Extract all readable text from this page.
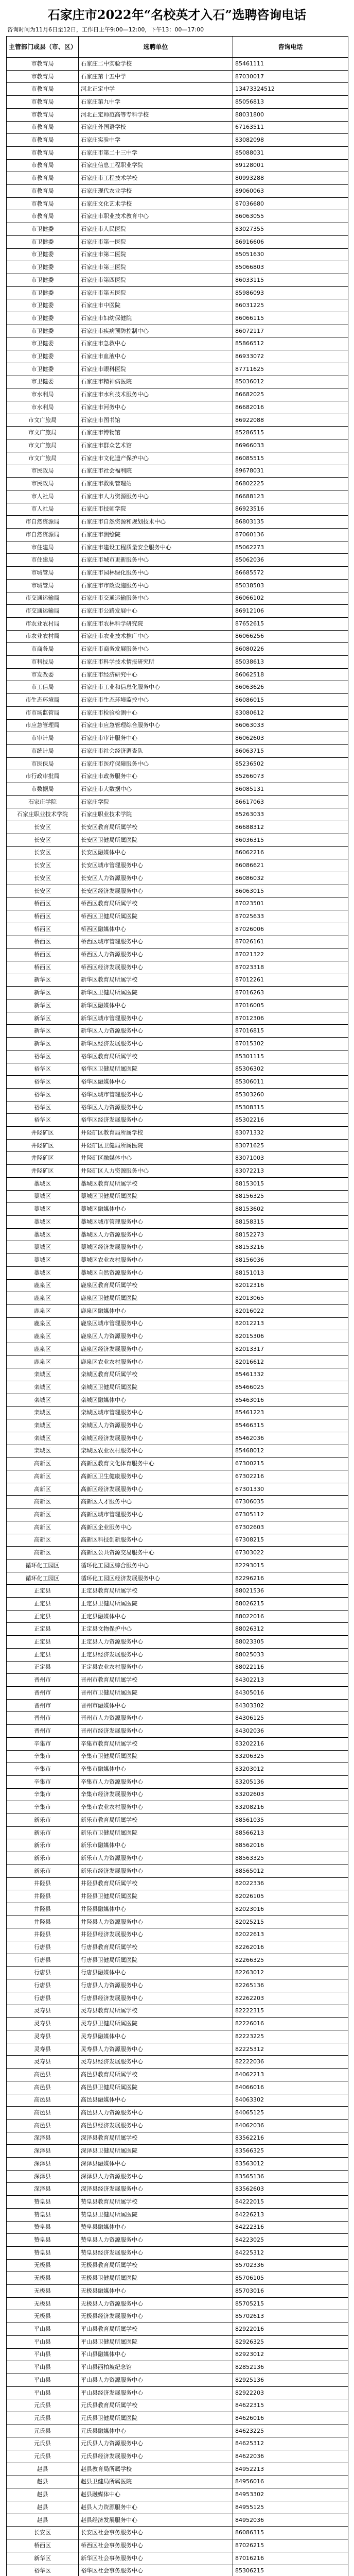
石家庄市2022年“名校英才入石”选聘咨询电话
咨询时间为11月6日至12日，工作日上午9:00—12:00，下午13：00—17:00
主管部门或县（市、区）	选聘单位	咨询电话
市教育局	石家庄二中实验学校	85461111
市教育局	石家庄第十五中学	87030017
市教育局	河北正定中学	13473324512
市教育局	石家庄第九中学	85056813
市教育局	河北正定师范高等专科学校	88031800
市教育局	石家庄外国语学校	67163511
市教育局	石家庄实验中学	83082098
市教育局	石家庄市第二十三中学	85088031
市教育局	石家庄信息工程职业学院	89128001
市教育局	石家庄市工程技术学校	80993288
市教育局	石家庄现代农业学校	89060063
市教育局	石家庄文化艺术学校	87036680
市教育局	石家庄市职业技术教育中心	86063055
市卫健委	石家庄市人民医院	83027355
市卫健委	石家庄市第一医院	86916606
市卫健委	石家庄市第二医院	85051630
市卫健委	石家庄市第三医院	85066803
市卫健委	石家庄市第四医院	86033115
市卫健委	石家庄市第五医院	85986093
市卫健委	石家庄市中医院	86031225
市卫健委	石家庄市妇幼保健院	86066115
市卫健委	石家庄市疾病预防控制中心	86072117
市卫健委	石家庄市急救中心	85866512
市卫健委	石家庄市血液中心	86933072
市卫健委	石家庄市眼科医院	87711625
市卫健委	石家庄市精神病医院	85036012
市水利局	石家庄市水利技术服务中心	86682025
市水利局	石家庄市河务中心	86682016
市文广旅局	石家庄市图书馆	86922088
市文广旅局	石家庄市博物馆	85286515
市文广旅局	石家庄市群众艺术馆	86966033
市文广旅局	石家庄市文化遗产保护中心	86085515
市民政局	石家庄市社会福利院	89678031
市民政局	石家庄市救助管理站	86802225
市人社局	石家庄市人力资源服务中心	86688123
市人社局	石家庄市技师学院	86923516
市自然资源局	石家庄市自然资源和规划技术中心	86803135
市自然资源局	石家庄市测绘院	87060136
市住建局	石家庄市建设工程质量安全服务中心	85062273
市住建局	石家庄市城市更新服务中心	85062036
市城管局	石家庄市园林绿化服务中心	86685572
市城管局	石家庄市市政设施服务中心	85038503
市交通运输局	石家庄市交通运输服务中心	86066102
市交通运输局	石家庄市公路发展中心	86912106
市农业农村局	石家庄市农林科学研究院	87652615
市农业农村局	石家庄市农业技术推广中心	86066256
市商务局	石家庄市商务发展服务中心	86080226
市科技局	石家庄市科学技术情报研究所	85038613
市发改委	石家庄市经济研究中心	86062518
市工信局	石家庄市工业和信息化服务中心	86063626
市生态环境局	石家庄市生态环境监控中心	86086015
市市场监管局	石家庄市检验检测中心	83080612
市应急管理局	石家庄市应急管理综合服务中心	86063033
市审计局	石家庄市审计服务中心	86062603
市统计局	石家庄市社会经济调查队	86063715
市医保局	石家庄市医疗保障服务中心	85236502
市行政审批局	石家庄市政务服务中心	85266073
市数据局	石家庄市大数据中心	86085131
石家庄学院	石家庄学院	86617063
石家庄职业技术学院	石家庄职业技术学院	85263033
长安区	长安区教育局所属学校	86688312
长安区	长安区卫健局所属医院	86036315
长安区	长安区融媒体中心	86062216
长安区	长安区城市管理服务中心	86086621
长安区	长安区人力资源服务中心	86086032
长安区	长安区经济发展服务中心	86063015
桥西区	桥西区教育局所属学校	87023501
桥西区	桥西区卫健局所属医院	87025633
桥西区	桥西区融媒体中心	87026006
桥西区	桥西区城市管理服务中心	87026161
桥西区	桥西区人力资源服务中心	87021322
桥西区	桥西区经济发展服务中心	87023318
新华区	新华区教育局所属学校	87012261
新华区	新华区卫健局所属医院	87016263
新华区	新华区融媒体中心	87016005
新华区	新华区城市管理服务中心	87012306
新华区	新华区人力资源服务中心	87016815
新华区	新华区经济发展服务中心	87015302
裕华区	裕华区教育局所属学校	85301115
裕华区	裕华区卫健局所属医院	85306302
裕华区	裕华区融媒体中心	85306011
裕华区	裕华区城市管理服务中心	85303260
裕华区	裕华区人力资源服务中心	85308315
裕华区	裕华区经济发展服务中心	85302216
井陉矿区	井陉矿区教育局所属学校	83071332
井陉矿区	井陉矿区卫健局所属医院	83071625
井陉矿区	井陉矿区融媒体中心	83071003
井陉矿区	井陉矿区人力资源服务中心	83072213
藁城区	藁城区教育局所属学校	88153015
藁城区	藁城区卫健局所属医院	88156325
藁城区	藁城区融媒体中心	88153602
藁城区	藁城区城市管理服务中心	88158315
藁城区	藁城区人力资源服务中心	88152273
藁城区	藁城区经济发展服务中心	88153216
藁城区	藁城区农业农村服务中心	88156036
藁城区	藁城区自然资源服务中心	88151013
鹿泉区	鹿泉区教育局所属学校	82012316
鹿泉区	鹿泉区卫健局所属医院	82013065
鹿泉区	鹿泉区融媒体中心	82016022
鹿泉区	鹿泉区城市管理服务中心	82012213
鹿泉区	鹿泉区人力资源服务中心	82015306
鹿泉区	鹿泉区经济发展服务中心	82013317
鹿泉区	鹿泉区农业农村服务中心	82016612
栾城区	栾城区教育局所属学校	85461332
栾城区	栾城区卫健局所属医院	85466025
栾城区	栾城区融媒体中心	85463016
栾城区	栾城区城市管理服务中心	85461223
栾城区	栾城区人力资源服务中心	85466315
栾城区	栾城区经济发展服务中心	85462036
栾城区	栾城区农业农村服务中心	85468012
高新区	高新区教育文化体育服务中心	67300215
高新区	高新区卫生健康服务中心	67302216
高新区	高新区经济发展服务中心	67301330
高新区	高新区人才服务中心	67306035
高新区	高新区城市管理服务中心	67305112
高新区	高新区企业服务中心	67302603
高新区	高新区科技创新服务中心	67308215
高新区	高新区公共资源交易服务中心	67303022
循环化工园区	循环化工园区综合服务中心	82293015
循环化工园区	循环化工园区经济发展服务中心	82296216
正定县	正定县教育局所属学校	88021536
正定县	正定县卫健局所属医院	88026215
正定县	正定县融媒体中心	88022016
正定县	正定县文物保护中心	88026312
正定县	正定县人力资源服务中心	88023305
正定县	正定县经济发展服务中心	88025033
正定县	正定县农业农村服务中心	88022116
晋州市	晋州市教育局所属学校	84302213
晋州市	晋州市卫健局所属医院	84305016
晋州市	晋州市融媒体中心	84303302
晋州市	晋州市人力资源服务中心	84306125
晋州市	晋州市经济发展服务中心	84302036
辛集市	辛集市教育局所属学校	83202216
辛集市	辛集市卫健局所属医院	83206325
辛集市	辛集市融媒体中心	83203012
辛集市	辛集市人力资源服务中心	83205136
辛集市	辛集市经济发展服务中心	83202603
辛集市	辛集市农业农村服务中心	83208216
新乐市	新乐市教育局所属学校	88561035
新乐市	新乐市卫健局所属医院	88566213
新乐市	新乐市融媒体中心	88562016
新乐市	新乐市人力资源服务中心	88563325
新乐市	新乐市经济发展服务中心	88565012
井陉县	井陉县教育局所属学校	82022336
井陉县	井陉县卫健局所属医院	82026105
井陉县	井陉县融媒体中心	82023016
井陉县	井陉县人力资源服务中心	82025215
井陉县	井陉县经济发展服务中心	82022613
行唐县	行唐县教育局所属学校	82262016
行唐县	行唐县卫健局所属医院	82266325
行唐县	行唐县融媒体中心	82263012
行唐县	行唐县人力资源服务中心	82265136
行唐县	行唐县经济发展服务中心	82262203
灵寿县	灵寿县教育局所属学校	82222315
灵寿县	灵寿县卫健局所属医院	82226016
灵寿县	灵寿县融媒体中心	82223225
灵寿县	灵寿县人力资源服务中心	82225312
灵寿县	灵寿县经济发展服务中心	82222036
高邑县	高邑县教育局所属学校	84062213
高邑县	高邑县卫健局所属医院	84066016
高邑县	高邑县融媒体中心	84063302
高邑县	高邑县人力资源服务中心	84065125
高邑县	高邑县经济发展服务中心	84062036
深泽县	深泽县教育局所属学校	83562216
深泽县	深泽县卫健局所属医院	83566325
深泽县	深泽县融媒体中心	83563012
深泽县	深泽县人力资源服务中心	83565136
深泽县	深泽县经济发展服务中心	83562603
赞皇县	赞皇县教育局所属学校	84222015
赞皇县	赞皇县卫健局所属医院	84226213
赞皇县	赞皇县融媒体中心	84222316
赞皇县	赞皇县人力资源服务中心	84223025
赞皇县	赞皇县经济发展服务中心	84225312
无极县	无极县教育局所属学校	85702336
无极县	无极县卫健局所属医院	85706105
无极县	无极县融媒体中心	85703016
无极县	无极县人力资源服务中心	85705215
无极县	无极县经济发展服务中心	85702613
平山县	平山县教育局所属学校	82922016
平山县	平山县卫健局所属医院	82926325
平山县	平山县融媒体中心	82923012
平山县	平山县西柏坡纪念馆	82852136
平山县	平山县人力资源服务中心	82925136
平山县	平山县经济发展服务中心	82922203
元氏县	元氏县教育局所属学校	84622315
元氏县	元氏县卫健局所属医院	84626016
元氏县	元氏县融媒体中心	84623225
元氏县	元氏县人力资源服务中心	84625312
元氏县	元氏县经济发展服务中心	84622036
赵县	赵县教育局所属学校	84952213
赵县	赵县卫健局所属医院	84956016
赵县	赵县融媒体中心	84953302
赵县	赵县人力资源服务中心	84955125
赵县	赵县经济发展服务中心	84952036
长安区	长安区社会事务服务中心	86086315
桥西区	桥西区社会事务服务中心	87026215
新华区	新华区社会事务服务中心	87016216
裕华区	裕华区社会事务服务中心	85306215
